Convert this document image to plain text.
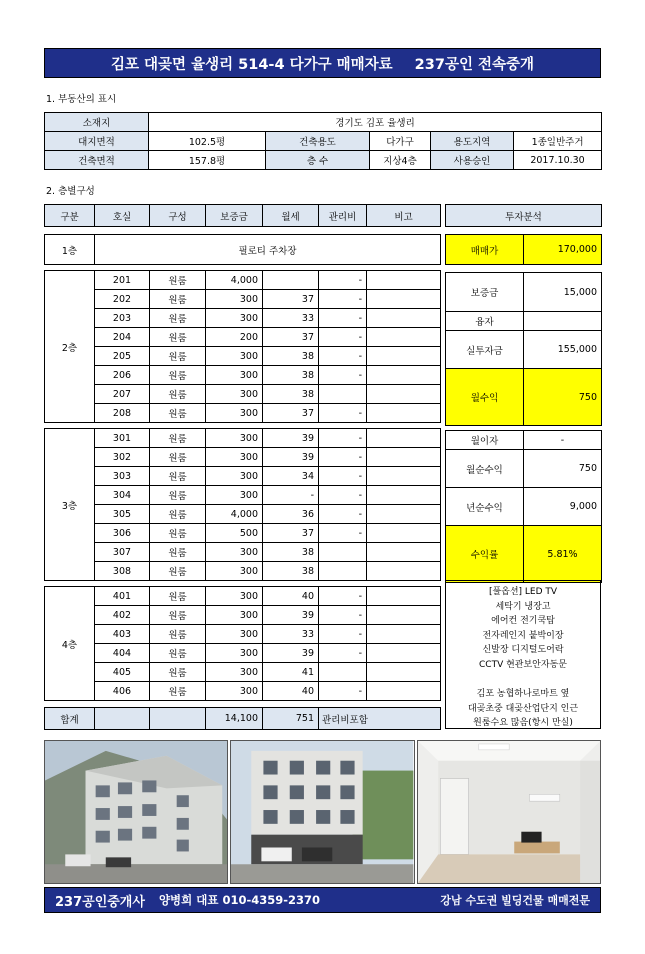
김포 대곶면 율생리 514-4 다가구 매매자료 237공인 전속중개
1. 부동산의 표시
소재지	경기도 김포 율생리				
대지면적	102.5평	건축용도	다가구	용도지역	1종일반주거
건축면적	157.8평	층 수	지상4층	사용승인	2017.10.30
2. 층별구성
구분	호실	구성	보증금	월세	관리비	비고

1층	필로티 주차장					

2층	201	원룸	4,000		-	
	202	원룸	300	37	-	
	203	원룸	300	33	-	
	204	원룸	200	37	-	
	205	원룸	300	38	-	
	206	원룸	300	38	-	
	207	원룸	300	38		
	208	원룸	300	37	-	

3층	301	원룸	300	39	-	
	302	원룸	300	39	-	
	303	원룸	300	34	-	
	304	원룸	300	-	-	
	305	원룸	4,000	36	-	
	306	원룸	500	37	-	
	307	원룸	300	38		
	308	원룸	300	38		

4층	401	원룸	300	40	-	
	402	원룸	300	39	-	
	403	원룸	300	33	-	
	404	원룸	300	39	-	
	405	원룸	300	41		
	406	원룸	300	40	-	
투자분석	

매매가	170,000

보증금	15,000
융자	
실투자금	155,000
월수익	750

월이자	-
월순수익	750
년순수익	9,000
수익률	5.81%
[풀옵션] LED TV
세탁기 냉장고
에어컨 전기쿡탑
전자레인지 붙박이장
신발장 디지털도어락
CCTV 현관보안자동문
김포 농협하나로마트 옆
대곶초중 대곶산업단지 인근
원룸수요 많음(항시 만실)
합계			14,100	751	관리비포함
237공인중개사 양병희 대표 010-4359-2370	강남 수도권 빌딩건물 매매전문
